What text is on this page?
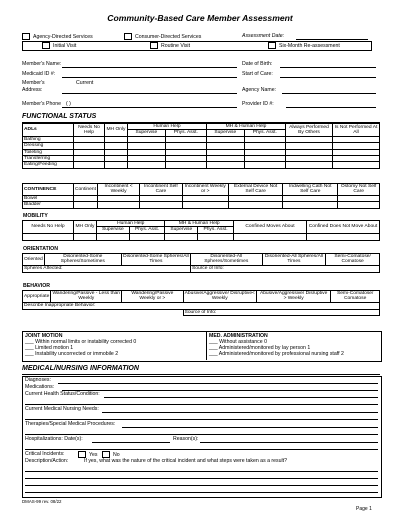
Community-Based Care Member Assessment
Agency-Directed Services	Consumer-Directed Services	Assessment Date:
Initial Visit	Routine Visit	Six-Month Re-assessment
Member's Name:	Date of Birth:
Medicaid ID #:	Start of Care:
Member's	Current
Address:	Agency Name:
Member's Phone ( )	Provider ID #:
FUNCTIONAL STATUS
ADLs	Needs No Help	MH Only	Human Help		MH & Human Help		Always Performed By Others	Is Not Performed At All
			Supervise	Phys. Asst.	Supervise	Phys. Asst.		
Bathing								
Dressing								
Toileting								
Transferring								
Eating/Feeding								
CONTINENCE	Continent	Incontinent < Weekly	Incontinent Self Care	Incontinent Weekly or >	External Device Not Self Care	Indwelling Cath Not Self Care	Ostomy Not Self Care
Bowel							
Bladder							
MOBILITY
Needs No Help	MH Only	Human Help		MH & Human Help		Confined Moves About	Confined Does Not Move About
		Supervise	Phys. Asst.	Supervise	Phys. Asst.		

ORIENTATION
Oriented	Disoriented-Some Spheres/Sometimes	Disoriented-Some Spheres/All Times	Disoriented-All Spheres/Sometimes	Disoriented-All Spheres/All Times	Semi-Comatose/ Comatose
Spheres Affected:			Source of Info:		
BEHAVIOR
Appropriate	Wandering/Passive - Less than Weekly	Wandering/Passive Weekly or >	Abusive/Aggressive/ Disruptive< Weekly	Abusive/Aggressive/ Disruptive > Weekly	Semi-Comatose/ Comatose
Describe Inappropriate Behavior:					
			Source of Info:		
JOINT MOTION
___ Within normal limits or instability corrected 0
___ Limited motion 1
___ Instability uncorrected or immobile 2
MED. ADMINISTRATION
___ Without assistance 0
___ Administered/monitored by lay person 1
___ Administered/monitored by professional nursing staff 2
MEDICAL/NURSING INFORMATION
Diagnoses:
Medications:
Current Health Status/Condition:
Current Medical Nursing Needs:
Therapies/Special Medical Procedures:
Hospitalizations: Date(s):	Reason(s):
Critical Incidents:	Yes	No
Description/Action:	If yes, what was the nature of the critical incident and what steps were taken as a result?
DMAS-99 rev. 08/22
Page 1
